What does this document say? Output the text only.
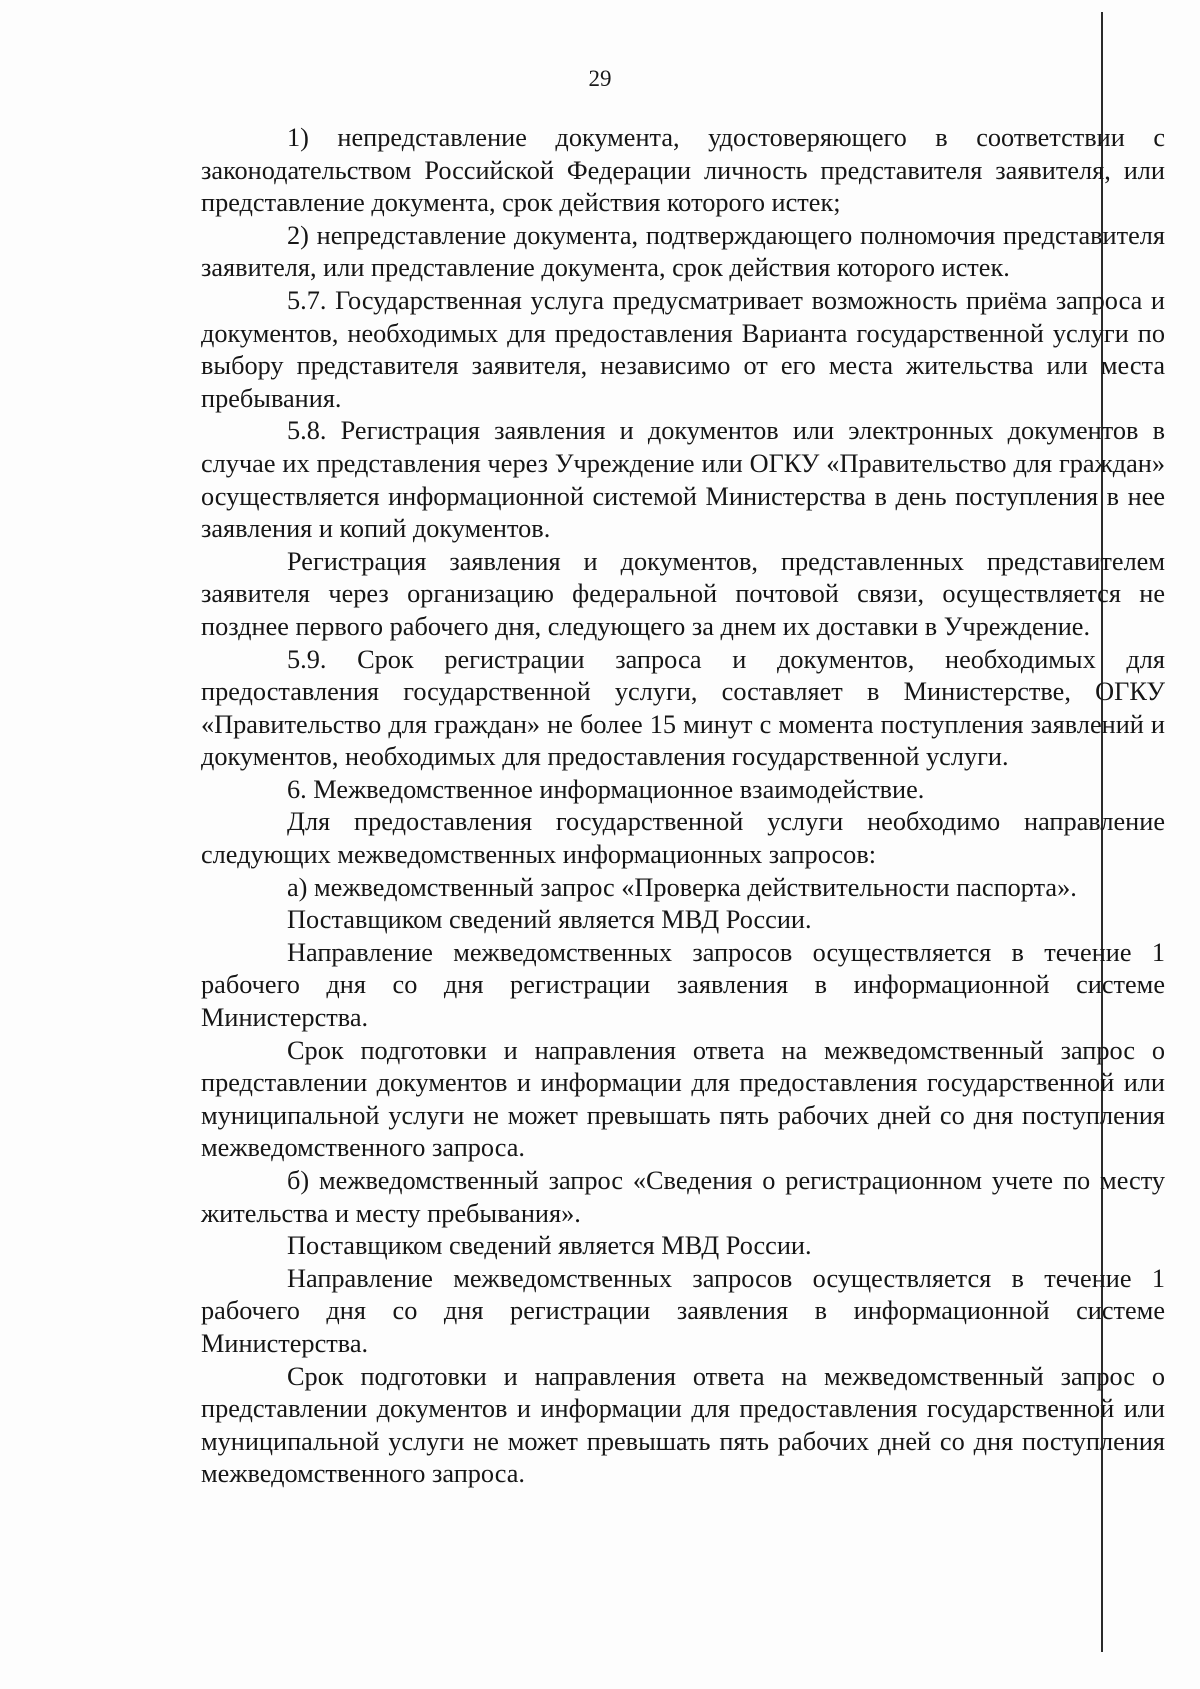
29

1) непредставление документа, удостоверяющего в соответствии с законодательством Российской Федерации личность представителя заявителя, или представление документа, срок действия которого истек;

2) непредставление документа, подтверждающего полномочия представителя заявителя, или представление документа, срок действия которого истек.

5.7. Государственная услуга предусматривает возможность приёма запроса и документов, необходимых для предоставления Варианта государственной услуги по выбору представителя заявителя, независимо от его места жительства или места пребывания.

5.8. Регистрация заявления и документов или электронных документов в случае их представления через Учреждение или ОГКУ «Правительство для граждан» осуществляется информационной системой Министерства в день поступления в нее заявления и копий документов.

Регистрация заявления и документов, представленных представителем заявителя через организацию федеральной почтовой связи, осуществляется не позднее первого рабочего дня, следующего за днем их доставки в Учреждение.

5.9. Срок регистрации запроса и документов, необходимых для предоставления государственной услуги, составляет в Министерстве, ОГКУ «Правительство для граждан» не более 15 минут с момента поступления заявлений и документов, необходимых для предоставления государственной услуги.

6. Межведомственное информационное взаимодействие.

Для предоставления государственной услуги необходимо направление следующих межведомственных информационных запросов:

а) межведомственный запрос «Проверка действительности паспорта».

Поставщиком сведений является МВД России.

Направление межведомственных запросов осуществляется в течение 1 рабочего дня со дня регистрации заявления в информационной системе Министерства.

Срок подготовки и направления ответа на межведомственный запрос о представлении документов и информации для предоставления государственной или муниципальной услуги не может превышать пять рабочих дней со дня поступления межведомственного запроса.

б) межведомственный запрос «Сведения о регистрационном учете по месту жительства и месту пребывания».

Поставщиком сведений является МВД России.

Направление межведомственных запросов осуществляется в течение 1 рабочего дня со дня регистрации заявления в информационной системе Министерства.

Срок подготовки и направления ответа на межведомственный запрос о представлении документов и информации для предоставления государственной или муниципальной услуги не может превышать пять рабочих дней со дня поступления межведомственного запроса.
